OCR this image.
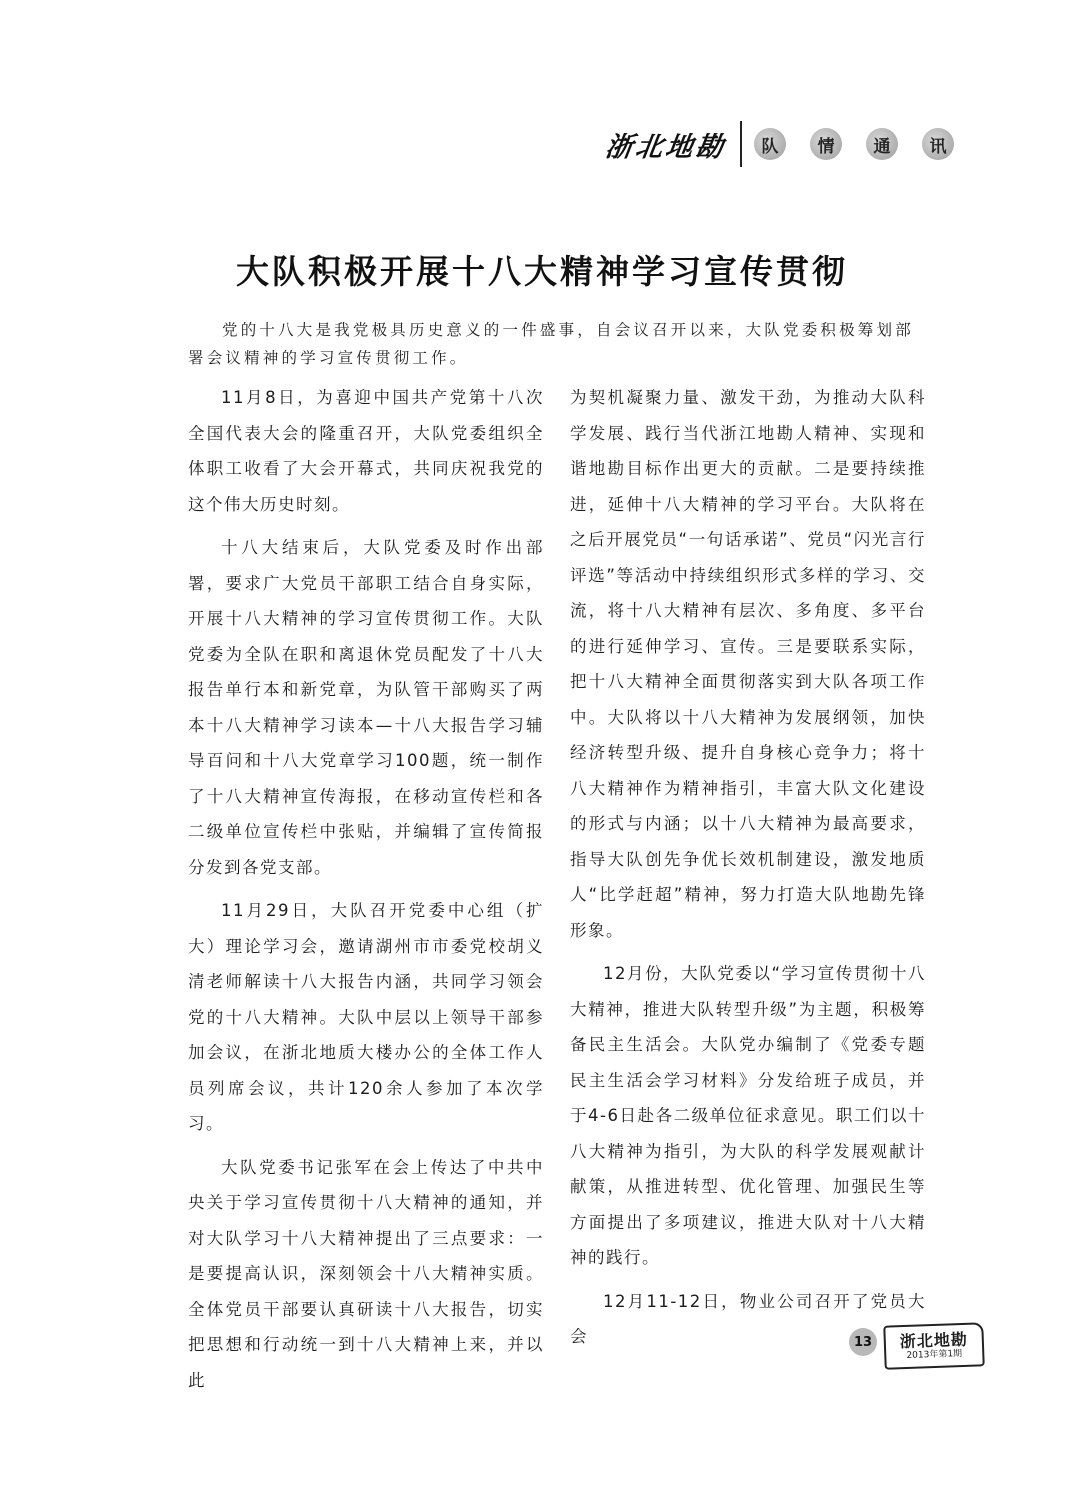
浙北地勘	队	情	通	讯
大队积极开展十八大精神学习宣传贯彻

党的十八大是我党极具历史意义的一件盛事，自会议召开以来，大队党委积极筹划部署会议精神的学习宣传贯彻工作。

11月8日，为喜迎中国共产党第十八次全国代表大会的隆重召开，大队党委组织全体职工收看了大会开幕式，共同庆祝我党的这个伟大历史时刻。

十八大结束后，大队党委及时作出部署，要求广大党员干部职工结合自身实际，开展十八大精神的学习宣传贯彻工作。大队党委为全队在职和离退休党员配发了十八大报告单行本和新党章，为队管干部购买了两本十八大精神学习读本—十八大报告学习辅导百问和十八大党章学习100题，统一制作了十八大精神宣传海报，在移动宣传栏和各二级单位宣传栏中张贴，并编辑了宣传简报分发到各党支部。

11月29日，大队召开党委中心组（扩大）理论学习会，邀请湖州市市委党校胡义清老师解读十八大报告内涵，共同学习领会党的十八大精神。大队中层以上领导干部参加会议，在浙北地质大楼办公的全体工作人员列席会议，共计120余人参加了本次学习。

大队党委书记张军在会上传达了中共中央关于学习宣传贯彻十八大精神的通知，并对大队学习十八大精神提出了三点要求：一是要提高认识，深刻领会十八大精神实质。全体党员干部要认真研读十八大报告，切实把思想和行动统一到十八大精神上来，并以此

为契机凝聚力量、激发干劲，为推动大队科学发展、践行当代浙江地勘人精神、实现和谐地勘目标作出更大的贡献。二是要持续推进，延伸十八大精神的学习平台。大队将在之后开展党员“一句话承诺”、党员“闪光言行评选”等活动中持续组织形式多样的学习、交流，将十八大精神有层次、多角度、多平台的进行延伸学习、宣传。三是要联系实际，把十八大精神全面贯彻落实到大队各项工作中。大队将以十八大精神为发展纲领，加快经济转型升级、提升自身核心竞争力；将十八大精神作为精神指引，丰富大队文化建设的形式与内涵；以十八大精神为最高要求，指导大队创先争优长效机制建设，激发地质人“比学赶超”精神，努力打造大队地勘先锋形象。

12月份，大队党委以“学习宣传贯彻十八大精神，推进大队转型升级”为主题，积极筹备民主生活会。大队党办编制了《党委专题民主生活会学习材料》分发给班子成员，并于4-6日赴各二级单位征求意见。职工们以十八大精神为指引，为大队的科学发展观献计献策，从推进转型、优化管理、加强民生等方面提出了多项建议，推进大队对十八大精神的践行。

12月11-12日，物业公司召开了党员大会	13	浙北地勘
2013年第1期
